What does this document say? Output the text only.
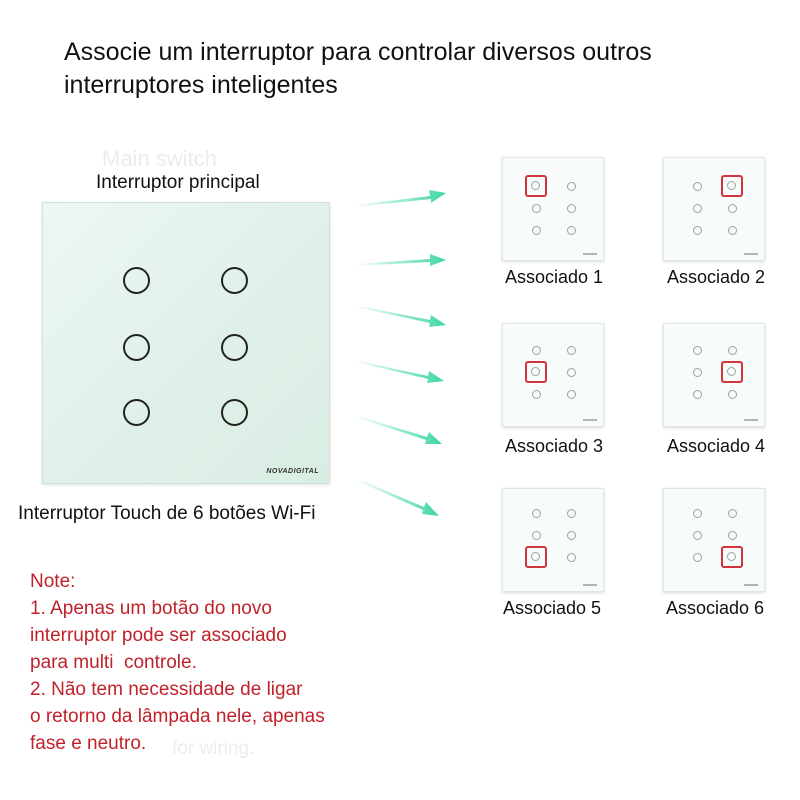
Associe um interruptor para controlar diversos outros interruptores inteligentes
Main switch
Interruptor principal
NOVADIGITAL
Interruptor Touch de 6 botões Wi-Fi
Associado 1	Associado 2
Associado 3	Associado 4
Associado 5	Associado 6
for wiring.
Note:
1. Apenas um botão do novo
interruptor pode ser associado
para multi  controle.
2. Não tem necessidade de ligar
o retorno da lâmpada nele, apenas
fase e neutro.
